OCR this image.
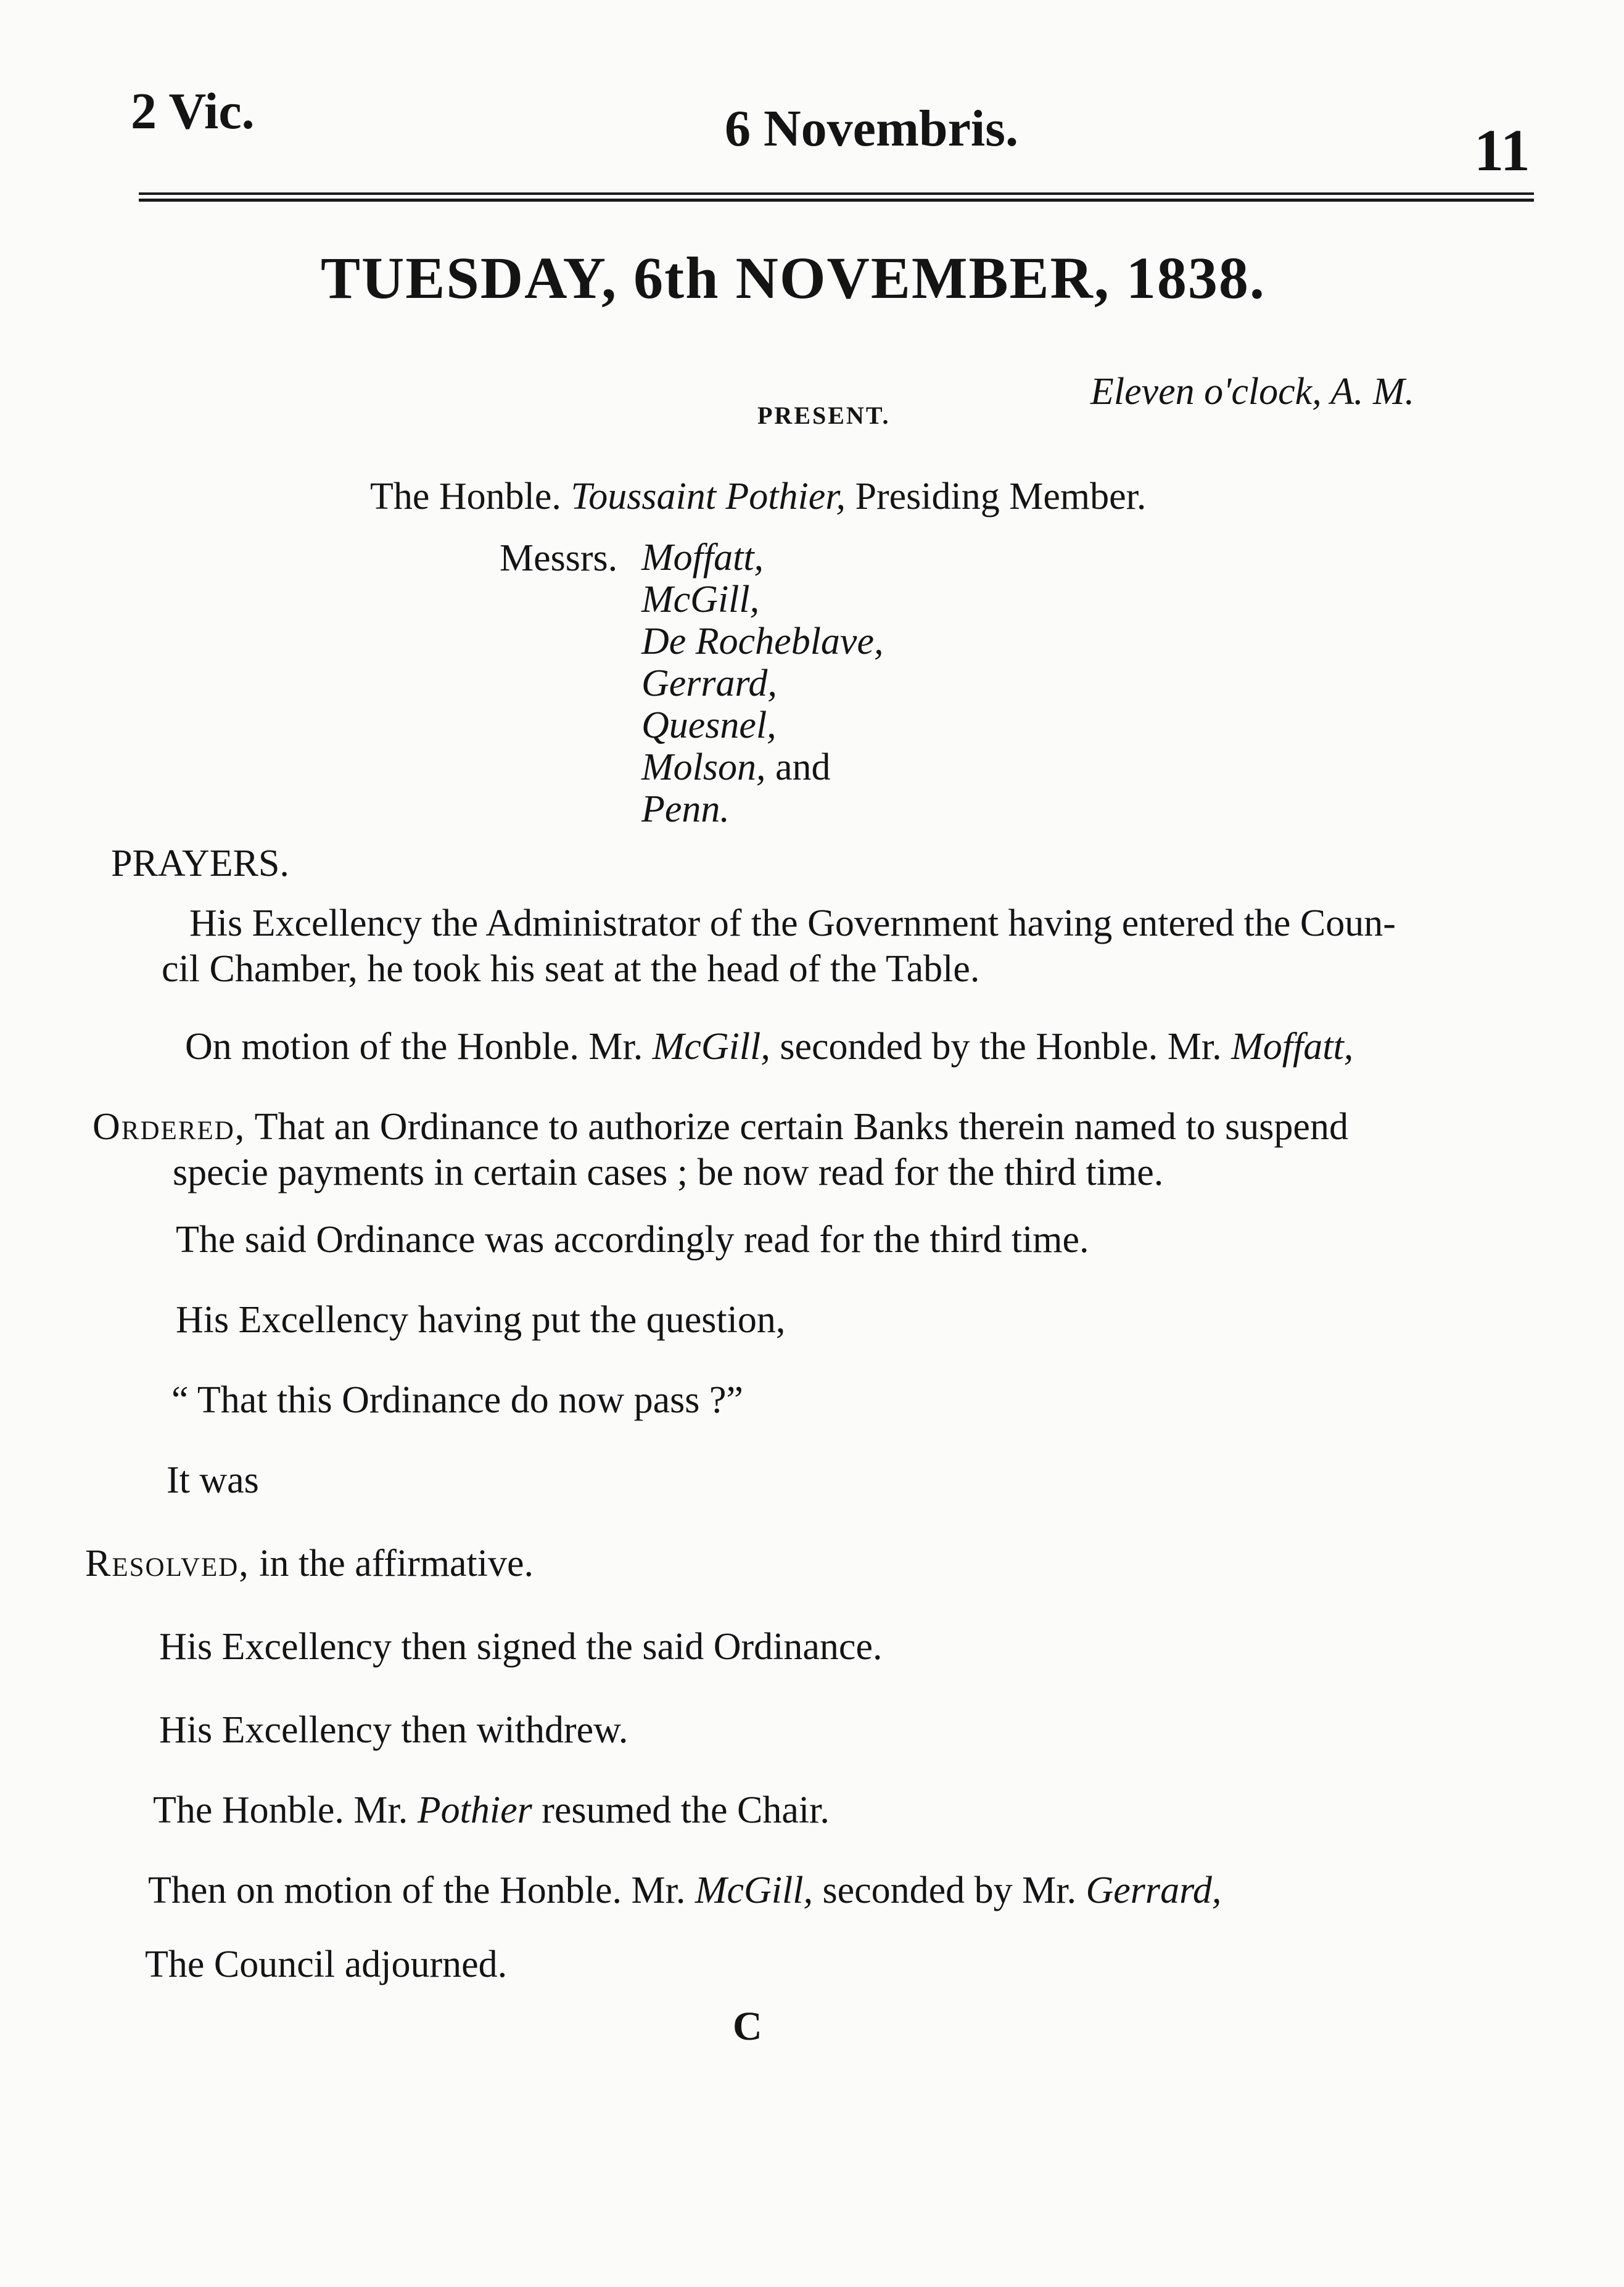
2 Vic.	6 Novembris.	11
TUESDAY, 6th NOVEMBER, 1838.
Eleven o'clock, A. M.
PRESENT.
The Honble. Toussaint Pothier, Presiding Member.
Messrs. Moffatt,
McGill,
De Rocheblave,
Gerrard,
Quesnel,
Molson, and
Penn.
PRAYERS.
His Excellency the Administrator of the Government having entered the Coun-
cil Chamber, he took his seat at the head of the Table.
On motion of the Honble. Mr. McGill, seconded by the Honble. Mr. Moffatt,
Ordered, That an Ordinance to authorize certain Banks therein named to suspend
specie payments in certain cases ; be now read for the third time.
The said Ordinance was accordingly read for the third time.
His Excellency having put the question,
“ That this Ordinance do now pass ?”
It was
Resolved, in the affirmative.
His Excellency then signed the said Ordinance.
His Excellency then withdrew.
The Honble. Mr. Pothier resumed the Chair.
Then on motion of the Honble. Mr. McGill, seconded by Mr. Gerrard,
The Council adjourned.
C
